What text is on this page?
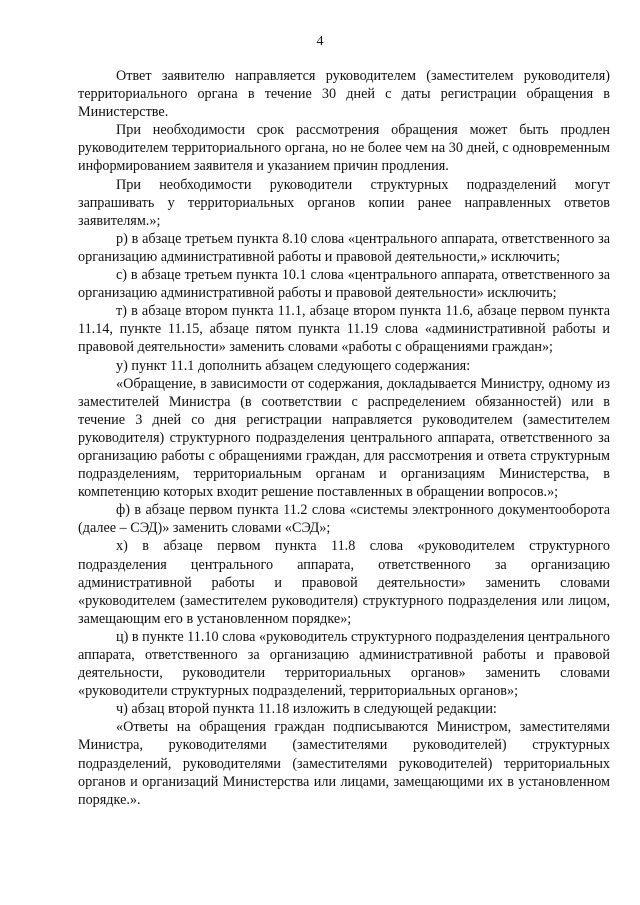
4

Ответ заявителю направляется руководителем (заместителем руководителя) территориального органа в течение 30 дней с даты регистрации обращения в Министерстве.

При необходимости срок рассмотрения обращения может быть продлен руководителем территориального органа, но не более чем на 30 дней, с одновременным информированием заявителя и указанием причин продления.

При необходимости руководители структурных подразделений могут запрашивать у территориальных органов копии ранее направленных ответов заявителям.»;

р) в абзаце третьем пункта 8.10 слова «центрального аппарата, ответственного за организацию административной работы и правовой деятельности,» исключить;

с) в абзаце третьем пункта 10.1 слова «центрального аппарата, ответственного за организацию административной работы и правовой деятельности» исключить;

т) в абзаце втором пункта 11.1, абзаце втором пункта 11.6, абзаце первом пункта 11.14, пункте 11.15, абзаце пятом пункта 11.19 слова «административной работы и правовой деятельности» заменить словами «работы с обращениями граждан»;

у) пункт 11.1 дополнить абзацем следующего содержания:

«Обращение, в зависимости от содержания, докладывается Министру, одному из заместителей Министра (в соответствии с распределением обязанностей) или в течение 3 дней со дня регистрации направляется руководителем (заместителем руководителя) структурного подразделения центрального аппарата, ответственного за организацию работы с обращениями граждан, для рассмотрения и ответа структурным подразделениям, территориальным органам и организациям Министерства, в компетенцию которых входит решение поставленных в обращении вопросов.»;

ф) в абзаце первом пункта 11.2 слова «системы электронного документооборота (далее – СЭД)» заменить словами «СЭД»;

х) в абзаце первом пункта 11.8 слова «руководителем структурного подразделения центрального аппарата, ответственного за организацию административной работы и правовой деятельности» заменить словами «руководителем (заместителем руководителя) структурного подразделения или лицом, замещающим его в установленном порядке»;

ц) в пункте 11.10 слова «руководитель структурного подразделения центрального аппарата, ответственного за организацию административной работы и правовой деятельности, руководители территориальных органов» заменить словами «руководители структурных подразделений, территориальных органов»;

ч) абзац второй пункта 11.18 изложить в следующей редакции:

«Ответы на обращения граждан подписываются Министром, заместителями Министра, руководителями (заместителями руководителей) структурных подразделений, руководителями (заместителями руководителей) территориальных органов и организаций Министерства или лицами, замещающими их в установленном порядке.».
